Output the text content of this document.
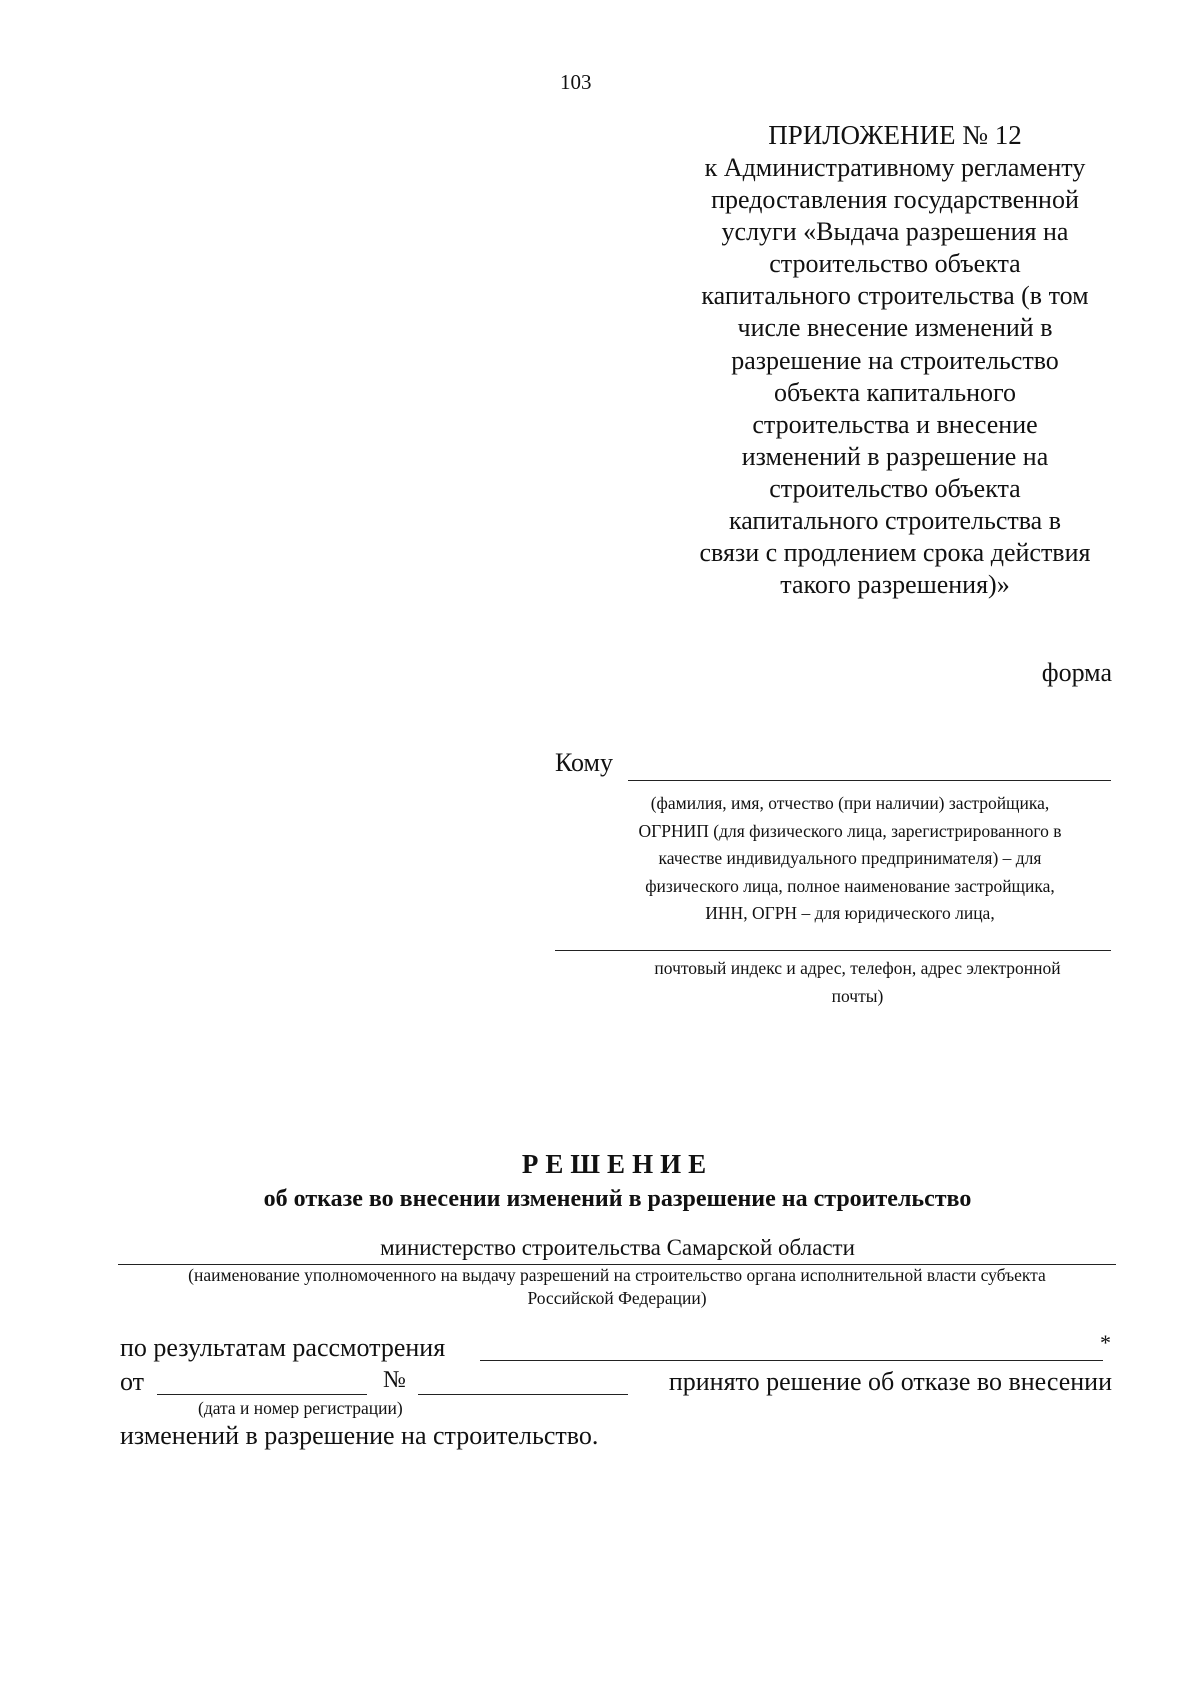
103
ПРИЛОЖЕНИЕ № 12
к Административному регламенту
предоставления государственной
услуги «Выдача разрешения на
строительство объекта
капитального строительства (в том
числе внесение изменений в
разрешение на строительство
объекта капитального
строительства и внесение
изменений в разрешение на
строительство объекта
капитального строительства в
связи с продлением срока действия
такого разрешения)»
форма
Кому
(фамилия, имя, отчество (при наличии) застройщика,
ОГРНИП (для физического лица, зарегистрированного в
качестве индивидуального предпринимателя) – для
физического лица, полное наименование застройщика,
ИНН, ОГРН – для юридического лица,
почтовый индекс и адрес, телефон, адрес электронной
почты)
РЕШЕНИЕ
об отказе во внесении изменений в разрешение на строительство
министерство строительства Самарской области
(наименование уполномоченного на выдачу разрешений на строительство органа исполнительной власти субъекта
Российской Федерации)
по результатам рассмотрения	*
от	№	принято решение об отказе во внесении
(дата и номер регистрации)
изменений в разрешение на строительство.
